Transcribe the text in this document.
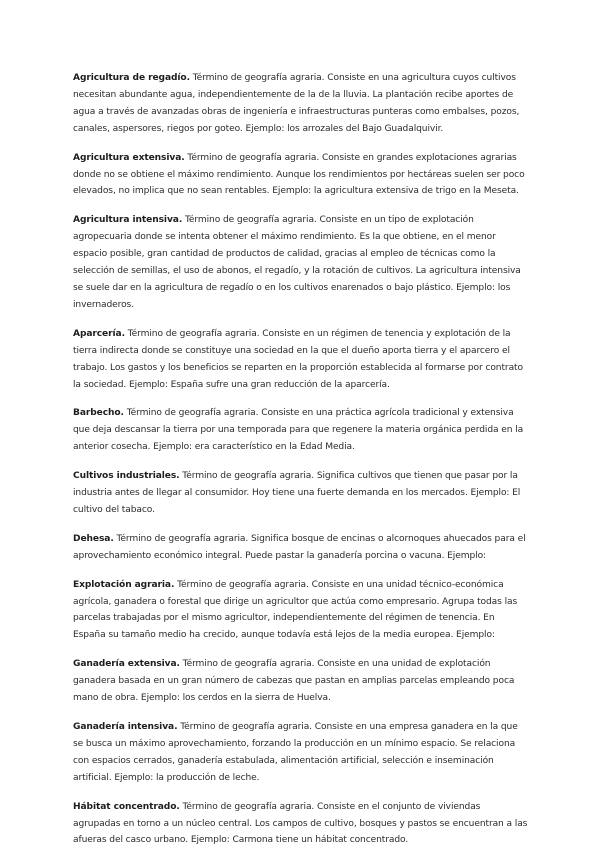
Agricultura de regadío. Término de geografía agraria. Consiste en una agricultura cuyos cultivos necesitan abundante agua, independientemente de la de la lluvia. La plantación recibe aportes de agua a través de avanzadas obras de ingeniería e infraestructuras punteras como embalses, pozos, canales, aspersores, riegos por goteo. Ejemplo: los arrozales del Bajo Guadalquivir.

Agricultura extensiva. Término de geografía agraria. Consiste en grandes explotaciones agrarias donde no se obtiene el máximo rendimiento. Aunque los rendimientos por hectáreas suelen ser poco elevados, no implica que no sean rentables. Ejemplo: la agricultura extensiva de trigo en la Meseta.

Agricultura intensiva. Término de geografía agraria. Consiste en un tipo de explotación agropecuaria donde se intenta obtener el máximo rendimiento. Es la que obtiene, en el menor espacio posible, gran cantidad de productos de calidad, gracias al empleo de técnicas como la selección de semillas, el uso de abonos, el regadío, y la rotación de cultivos. La agricultura intensiva se suele dar en la agricultura de regadío o en los cultivos enarenados o bajo plástico. Ejemplo: los invernaderos.

Aparcería. Término de geografía agraria. Consiste en un régimen de tenencia y explotación de la tierra indirecta donde se constituye una sociedad en la que el dueño aporta tierra y el aparcero el trabajo. Los gastos y los beneficios se reparten en la proporción establecida al formarse por contrato la sociedad. Ejemplo: España sufre una gran reducción de la aparcería.

Barbecho. Término de geografía agraria. Consiste en una práctica agrícola tradicional y extensiva que deja descansar la tierra por una temporada para que regenere la materia orgánica perdida en la anterior cosecha. Ejemplo: era característico en la Edad Media.

Cultivos industriales. Término de geografía agraria. Significa cultivos que tienen que pasar por la industria antes de llegar al consumidor. Hoy tiene una fuerte demanda en los mercados. Ejemplo: El cultivo del tabaco.

Dehesa. Término de geografía agraria. Significa bosque de encinas o alcornoques ahuecados para el aprovechamiento económico integral. Puede pastar la ganadería porcina o vacuna. Ejemplo:

Explotación agraria. Término de geografía agraria. Consiste en una unidad técnico-económica agrícola, ganadera o forestal que dirige un agricultor que actúa como empresario. Agrupa todas las parcelas trabajadas por el mismo agricultor, independientemente del régimen de tenencia. En España su tamaño medio ha crecido, aunque todavía está lejos de la media europea. Ejemplo:

Ganadería extensiva. Término de geografía agraria. Consiste en una unidad de explotación ganadera basada en un gran número de cabezas que pastan en amplias parcelas empleando poca mano de obra. Ejemplo: los cerdos en la sierra de Huelva.

Ganadería intensiva. Término de geografía agraria. Consiste en una empresa ganadera en la que se busca un máximo aprovechamiento, forzando la producción en un mínimo espacio. Se relaciona con espacios cerrados, ganadería estabulada, alimentación artificial, selección e inseminación artificial. Ejemplo: la producción de leche.

Hábitat concentrado. Término de geografía agraria. Consiste en el conjunto de viviendas agrupadas en torno a un núcleo central. Los campos de cultivo, bosques y pastos se encuentran a las afueras del casco urbano. Ejemplo: Carmona tiene un hábitat concentrado.
